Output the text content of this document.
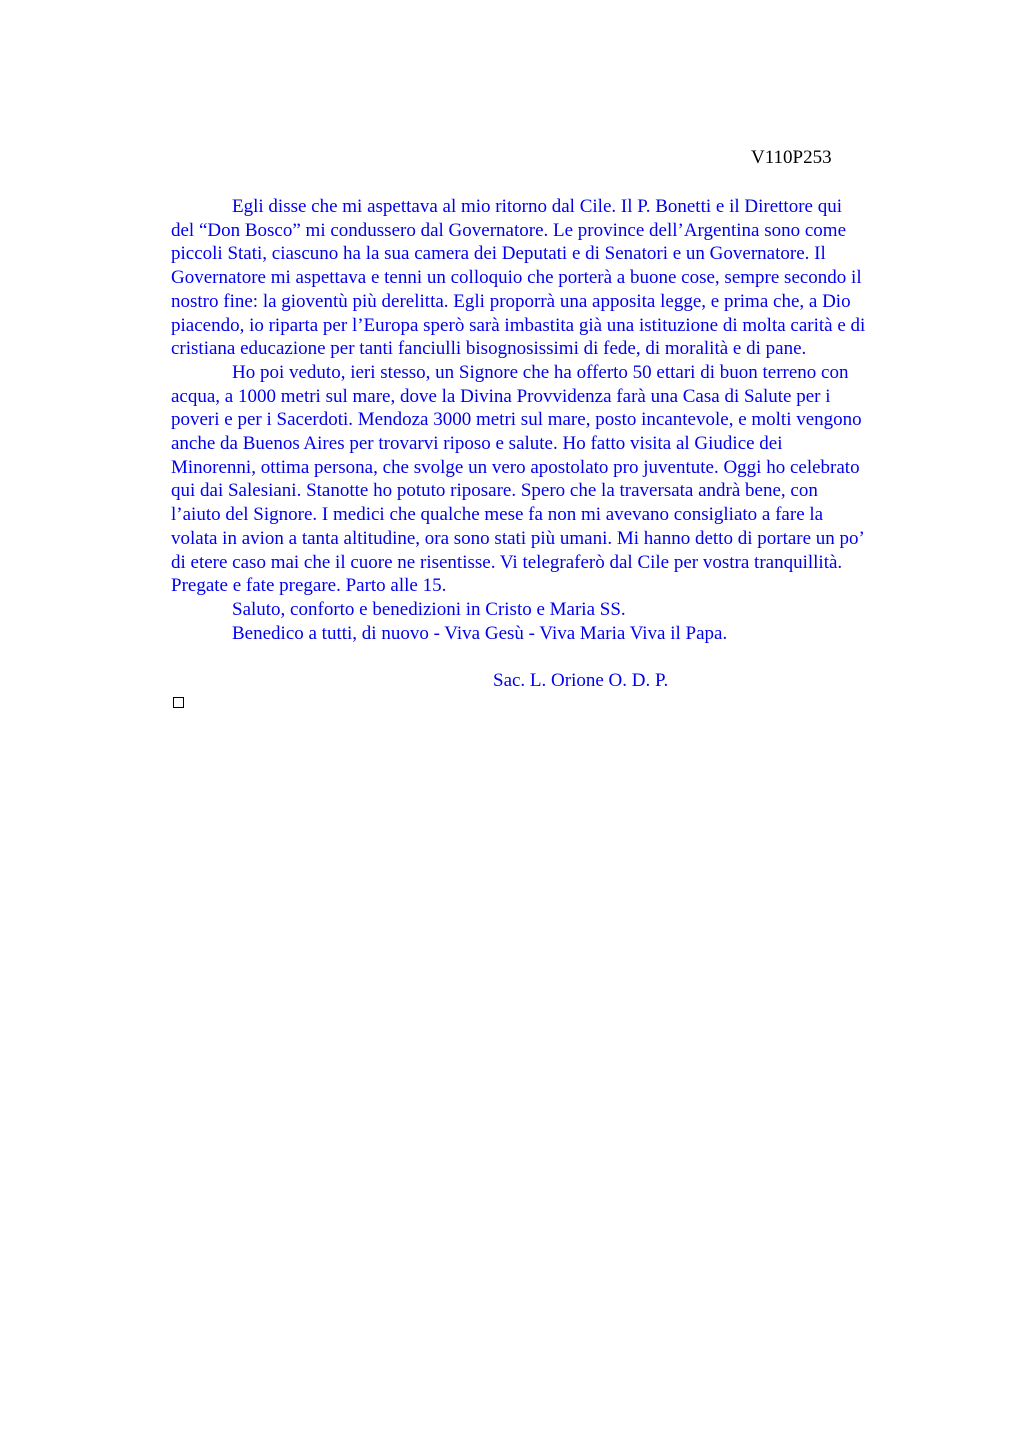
V110P253

Egli disse che mi aspettava al mio ritorno dal Cile. Il P. Bonetti e il Direttore qui
del “Don Bosco” mi condussero dal Governatore. Le province dell’Argentina sono come
piccoli Stati, ciascuno ha la sua camera dei Deputati e di Senatori e un Governatore. Il
Governatore mi aspettava e tenni un colloquio che porterà a buone cose, sempre secondo il
nostro fine: la gioventù più derelitta. Egli proporrà una apposita legge, e prima che, a Dio
piacendo, io riparta per l’Europa sperò sarà imbastita già una istituzione di molta carità e di
cristiana educazione per tanti fanciulli bisognosissimi di fede, di moralità e di pane.

Ho poi veduto, ieri stesso, un Signore che ha offerto 50 ettari di buon terreno con
acqua, a 1000 metri sul mare, dove la Divina Provvidenza farà una Casa di Salute per i
poveri e per i Sacerdoti. Mendoza 3000 metri sul mare, posto incantevole, e molti vengono
anche da Buenos Aires per trovarvi riposo e salute. Ho fatto visita al Giudice dei
Minorenni, ottima persona, che svolge un vero apostolato pro juventute. Oggi ho celebrato
qui dai Salesiani. Stanotte ho potuto riposare. Spero che la traversata andrà bene, con
l’aiuto del Signore. I medici che qualche mese fa non mi avevano consigliato a fare la
volata in avion a tanta altitudine, ora sono stati più umani. Mi hanno detto di portare un po’
di etere caso mai che il cuore ne risentisse. Vi telegraferò dal Cile per vostra tranquillità.
Pregate e fate pregare. Parto alle 15.

Saluto, conforto e benedizioni in Cristo e Maria SS.

Benedico a tutti, di nuovo - Viva Gesù - Viva Maria Viva il Papa.

Sac. L. Orione O. D. P.
